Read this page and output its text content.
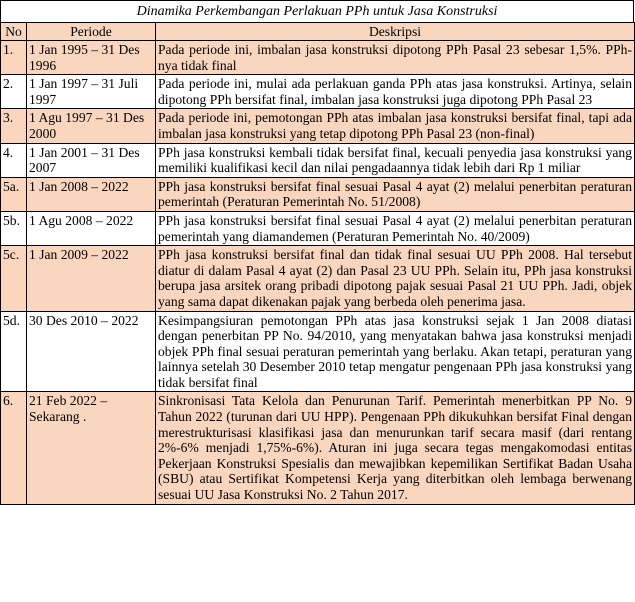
Dinamika Perkembangan Perlakuan PPh untuk Jasa Konstruksi
No	Periode	Deskripsi
1.	1 Jan 1995 – 31 Des 1996	Pada periode ini, imbalan jasa konstruksi dipotong PPh Pasal 23 sebesar 1,5%. PPh-nya tidak final
2.	1 Jan 1997 – 31 Juli 1997	Pada periode ini, mulai ada perlakuan ganda PPh atas jasa konstruksi. Artinya, selain dipotong PPh bersifat final, imbalan jasa konstruksi juga dipotong PPh Pasal 23
3.	1 Agu 1997 – 31 Des 2000	Pada periode ini, pemotongan PPh atas imbalan jasa konstruksi bersifat final, tapi ada imbalan jasa konstruksi yang tetap dipotong PPh Pasal 23 (non-final)
4.	1 Jan 2001 – 31 Des 2007	PPh jasa konstruksi kembali tidak bersifat final, kecuali penyedia jasa konstruksi yang memiliki kualifikasi kecil dan nilai pengadaannya tidak lebih dari Rp 1 miliar
5a.	1 Jan 2008 – 2022	PPh jasa konstruksi bersifat final sesuai Pasal 4 ayat (2) melalui penerbitan peraturan pemerintah (Peraturan Pemerintah No. 51/2008)
5b.	1 Agu 2008 – 2022	PPh jasa konstruksi bersifat final sesuai Pasal 4 ayat (2) melalui penerbitan peraturan pemerintah yang diamandemen (Peraturan Pemerintah No. 40/2009)
5c.	1 Jan 2009 – 2022	PPh jasa konstruksi bersifat final dan tidak final sesuai UU PPh 2008. Hal tersebut diatur di dalam Pasal 4 ayat (2) dan Pasal 23 UU PPh. Selain itu, PPh jasa konstruksi berupa jasa arsitek orang pribadi dipotong pajak sesuai Pasal 21 UU PPh. Jadi, objek yang sama dapat dikenakan pajak yang berbeda oleh penerima jasa.
5d.	30 Des 2010 – 2022	Kesimpangsiuran pemotongan PPh atas jasa konstruksi sejak 1 Jan 2008 diatasi dengan penerbitan PP No. 94/2010, yang menyatakan bahwa jasa konstruksi menjadi objek PPh final sesuai peraturan pemerintah yang berlaku. Akan tetapi, peraturan yang lainnya setelah 30 Desember 2010 tetap mengatur pengenaan PPh jasa konstruksi yang tidak bersifat final
6.	21 Feb 2022 – Sekarang .	Sinkronisasi Tata Kelola dan Penurunan Tarif. Pemerintah menerbitkan PP No. 9 Tahun 2022 (turunan dari UU HPP). Pengenaan PPh dikukuhkan bersifat Final dengan merestrukturisasi klasifikasi jasa dan menurunkan tarif secara masif (dari rentang 2%-6% menjadi 1,75%-6%). Aturan ini juga secara tegas mengakomodasi entitas Pekerjaan Konstruksi Spesialis dan mewajibkan kepemilikan Sertifikat Badan Usaha (SBU) atau Sertifikat Kompetensi Kerja yang diterbitkan oleh lembaga berwenang sesuai UU Jasa Konstruksi No. 2 Tahun 2017.
